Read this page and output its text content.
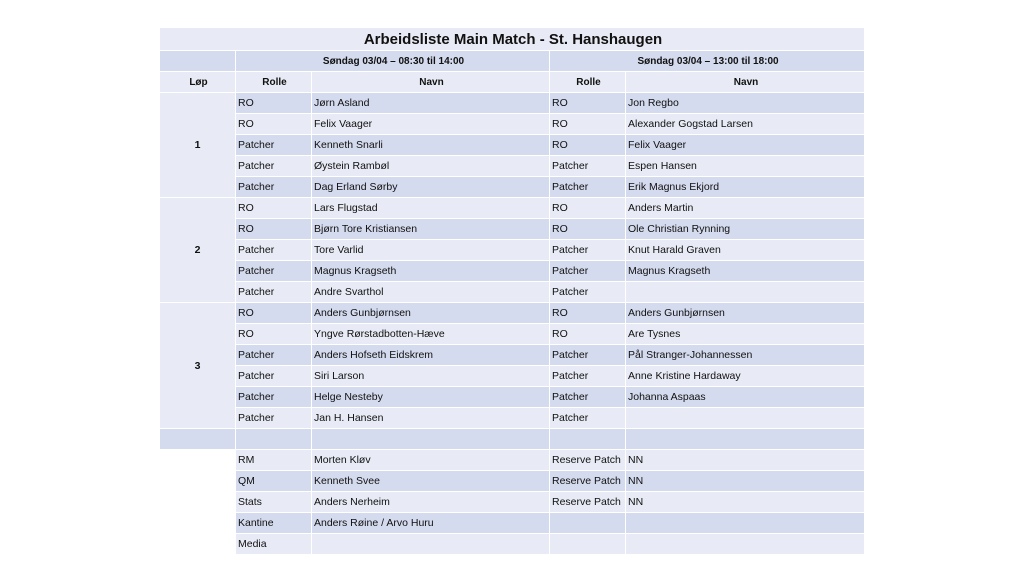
Arbeidsliste Main Match - St. Hanshaugen				
	Søndag 03/04 – 08:30 til 14:00		Søndag 03/04 – 13:00 til 18:00	
Løp	Rolle	Navn	Rolle	Navn
1	RO	Jørn Asland	RO	Jon Regbo
	RO	Felix Vaager	RO	Alexander Gogstad Larsen
	Patcher	Kenneth Snarli	RO	Felix Vaager
	Patcher	Øystein Rambøl	Patcher	Espen Hansen
	Patcher	Dag Erland Sørby	Patcher	Erik Magnus Ekjord
2	RO	Lars Flugstad	RO	Anders Martin
	RO	Bjørn Tore Kristiansen	RO	Ole Christian Rynning
	Patcher	Tore Varlid	Patcher	Knut Harald Graven
	Patcher	Magnus Kragseth	Patcher	Magnus Kragseth
	Patcher	Andre Svarthol	Patcher	
3	RO	Anders Gunbjørnsen	RO	Anders Gunbjørnsen
	RO	Yngve Rørstadbotten-Hæve	RO	Are Tysnes
	Patcher	Anders Hofseth Eidskrem	Patcher	Pål Stranger-Johannessen
	Patcher	Siri Larson	Patcher	Anne Kristine Hardaway
	Patcher	Helge Nesteby	Patcher	Johanna Aspaas
	Patcher	Jan H. Hansen	Patcher	

	RM	Morten Kløv	Reserve Patch	NN
	QM	Kenneth Svee	Reserve Patch	NN
	Stats	Anders Nerheim	Reserve Patch	NN
	Kantine	Anders Røine / Arvo Huru		
	Media			
